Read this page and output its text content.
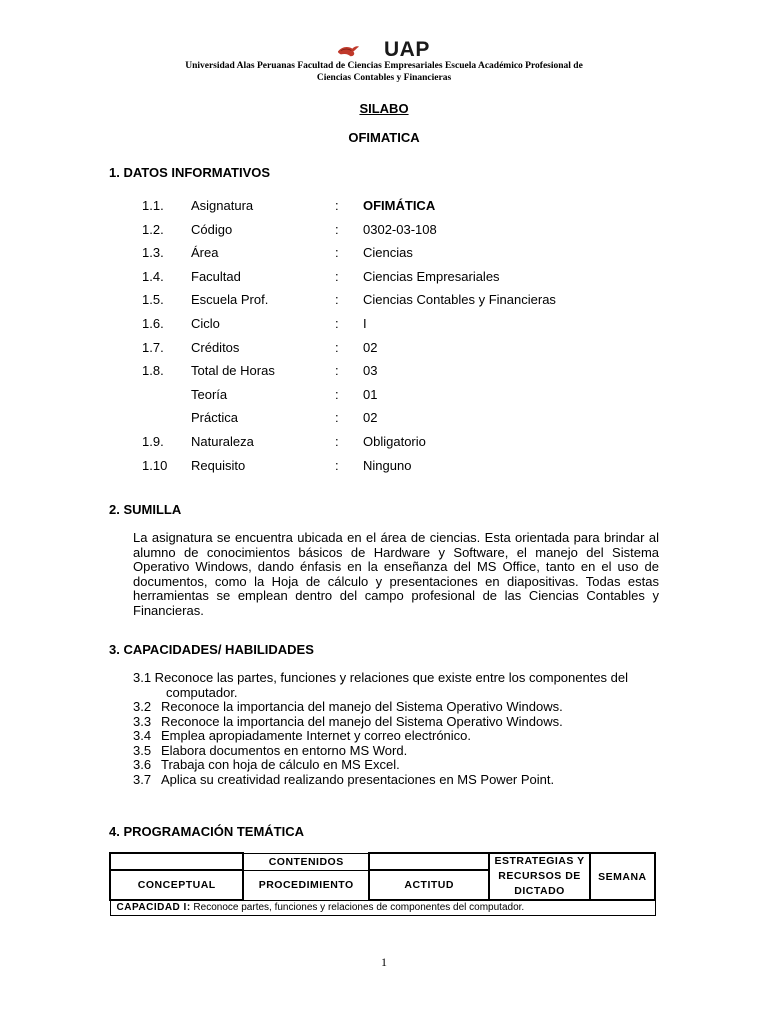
UAP
Universidad Alas Peruanas Facultad de Ciencias Empresariales Escuela Académico Profesional de
Ciencias Contables y Financieras
SILABO
OFIMATICA
1. DATOS INFORMATIVOS
1.1. Asignatura	: OFIMÁTICA
1.2. Código	: 0302-03-108
1.3. Área	: Ciencias
1.4. Facultad	: Ciencias Empresariales
1.5. Escuela Prof.	: Ciencias Contables y Financieras
1.6. Ciclo	: I
1.7. Créditos	: 02
1.8. Total de Horas	: 03
Teoría	: 01
Práctica	: 02
1.9. Naturaleza	: Obligatorio
1.10 Requisito	: Ninguno
2. SUMILLA
La asignatura se encuentra ubicada en el área de ciencias. Esta orientada para brindar al
alumno de conocimientos básicos de Hardware y Software, el manejo del Sistema
Operativo Windows, dando énfasis en la enseñanza del MS Office, tanto en el uso de
documentos, como la Hoja de cálculo y presentaciones en diapositivas. Todas estas
herramientas se emplean dentro del campo profesional de las Ciencias Contables y
Financieras.
3. CAPACIDADES/ HABILIDADES
3.1 Reconoce las partes, funciones y relaciones que existe entre los componentes del
computador.
3.2 Reconoce la importancia del manejo del Sistema Operativo Windows.
3.3 Reconoce la importancia del manejo del Sistema Operativo Windows.
3.4 Emplea apropiadamente Internet y correo electrónico.
3.5 Elabora documentos en entorno MS Word.
3.6 Trabaja con hoja de cálculo en MS Excel.
3.7 Aplica su creatividad realizando presentaciones en MS Power Point.
4. PROGRAMACIÓN TEMÁTICA
	CONTENIDOS		ESTRATEGIAS Y RECURSOS DE DICTADO	SEMANA
CONCEPTUAL	PROCEDIMIENTO	ACTITUD		
CAPACIDAD I: Reconoce partes, funciones y relaciones de componentes del computador.				
1
